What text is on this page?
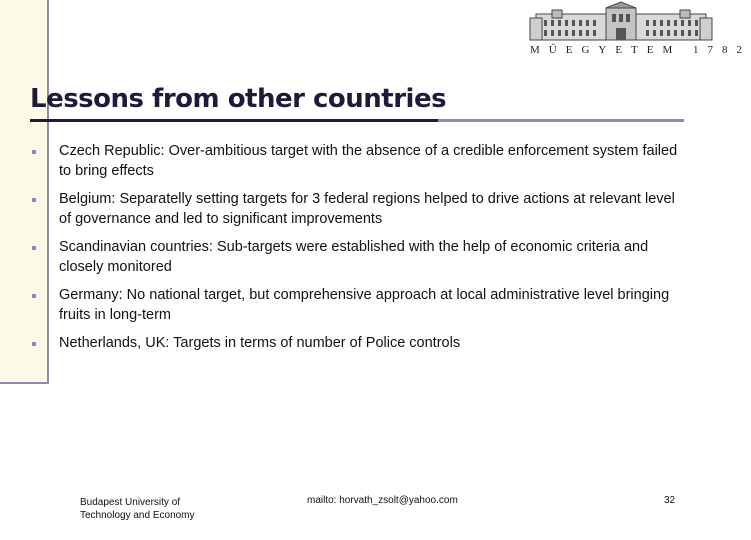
MŰEGYETEM 1782
Lessons from other countries
Czech Republic: Over-ambitious target with the absence of a credible enforcement system failed to bring effects
Belgium: Separatelly setting targets for 3 federal regions helped to drive actions at relevant level of governance and led to significant improvements
Scandinavian countries: Sub-targets were established with the help of economic criteria and closely monitored
Germany: No national target, but comprehensive approach at local administrative level bringing fruits in long-term
Netherlands, UK: Targets in terms of number of Police controls
Budapest University of Technology and Economy
mailto: horvath_zsolt@yahoo.com	32
